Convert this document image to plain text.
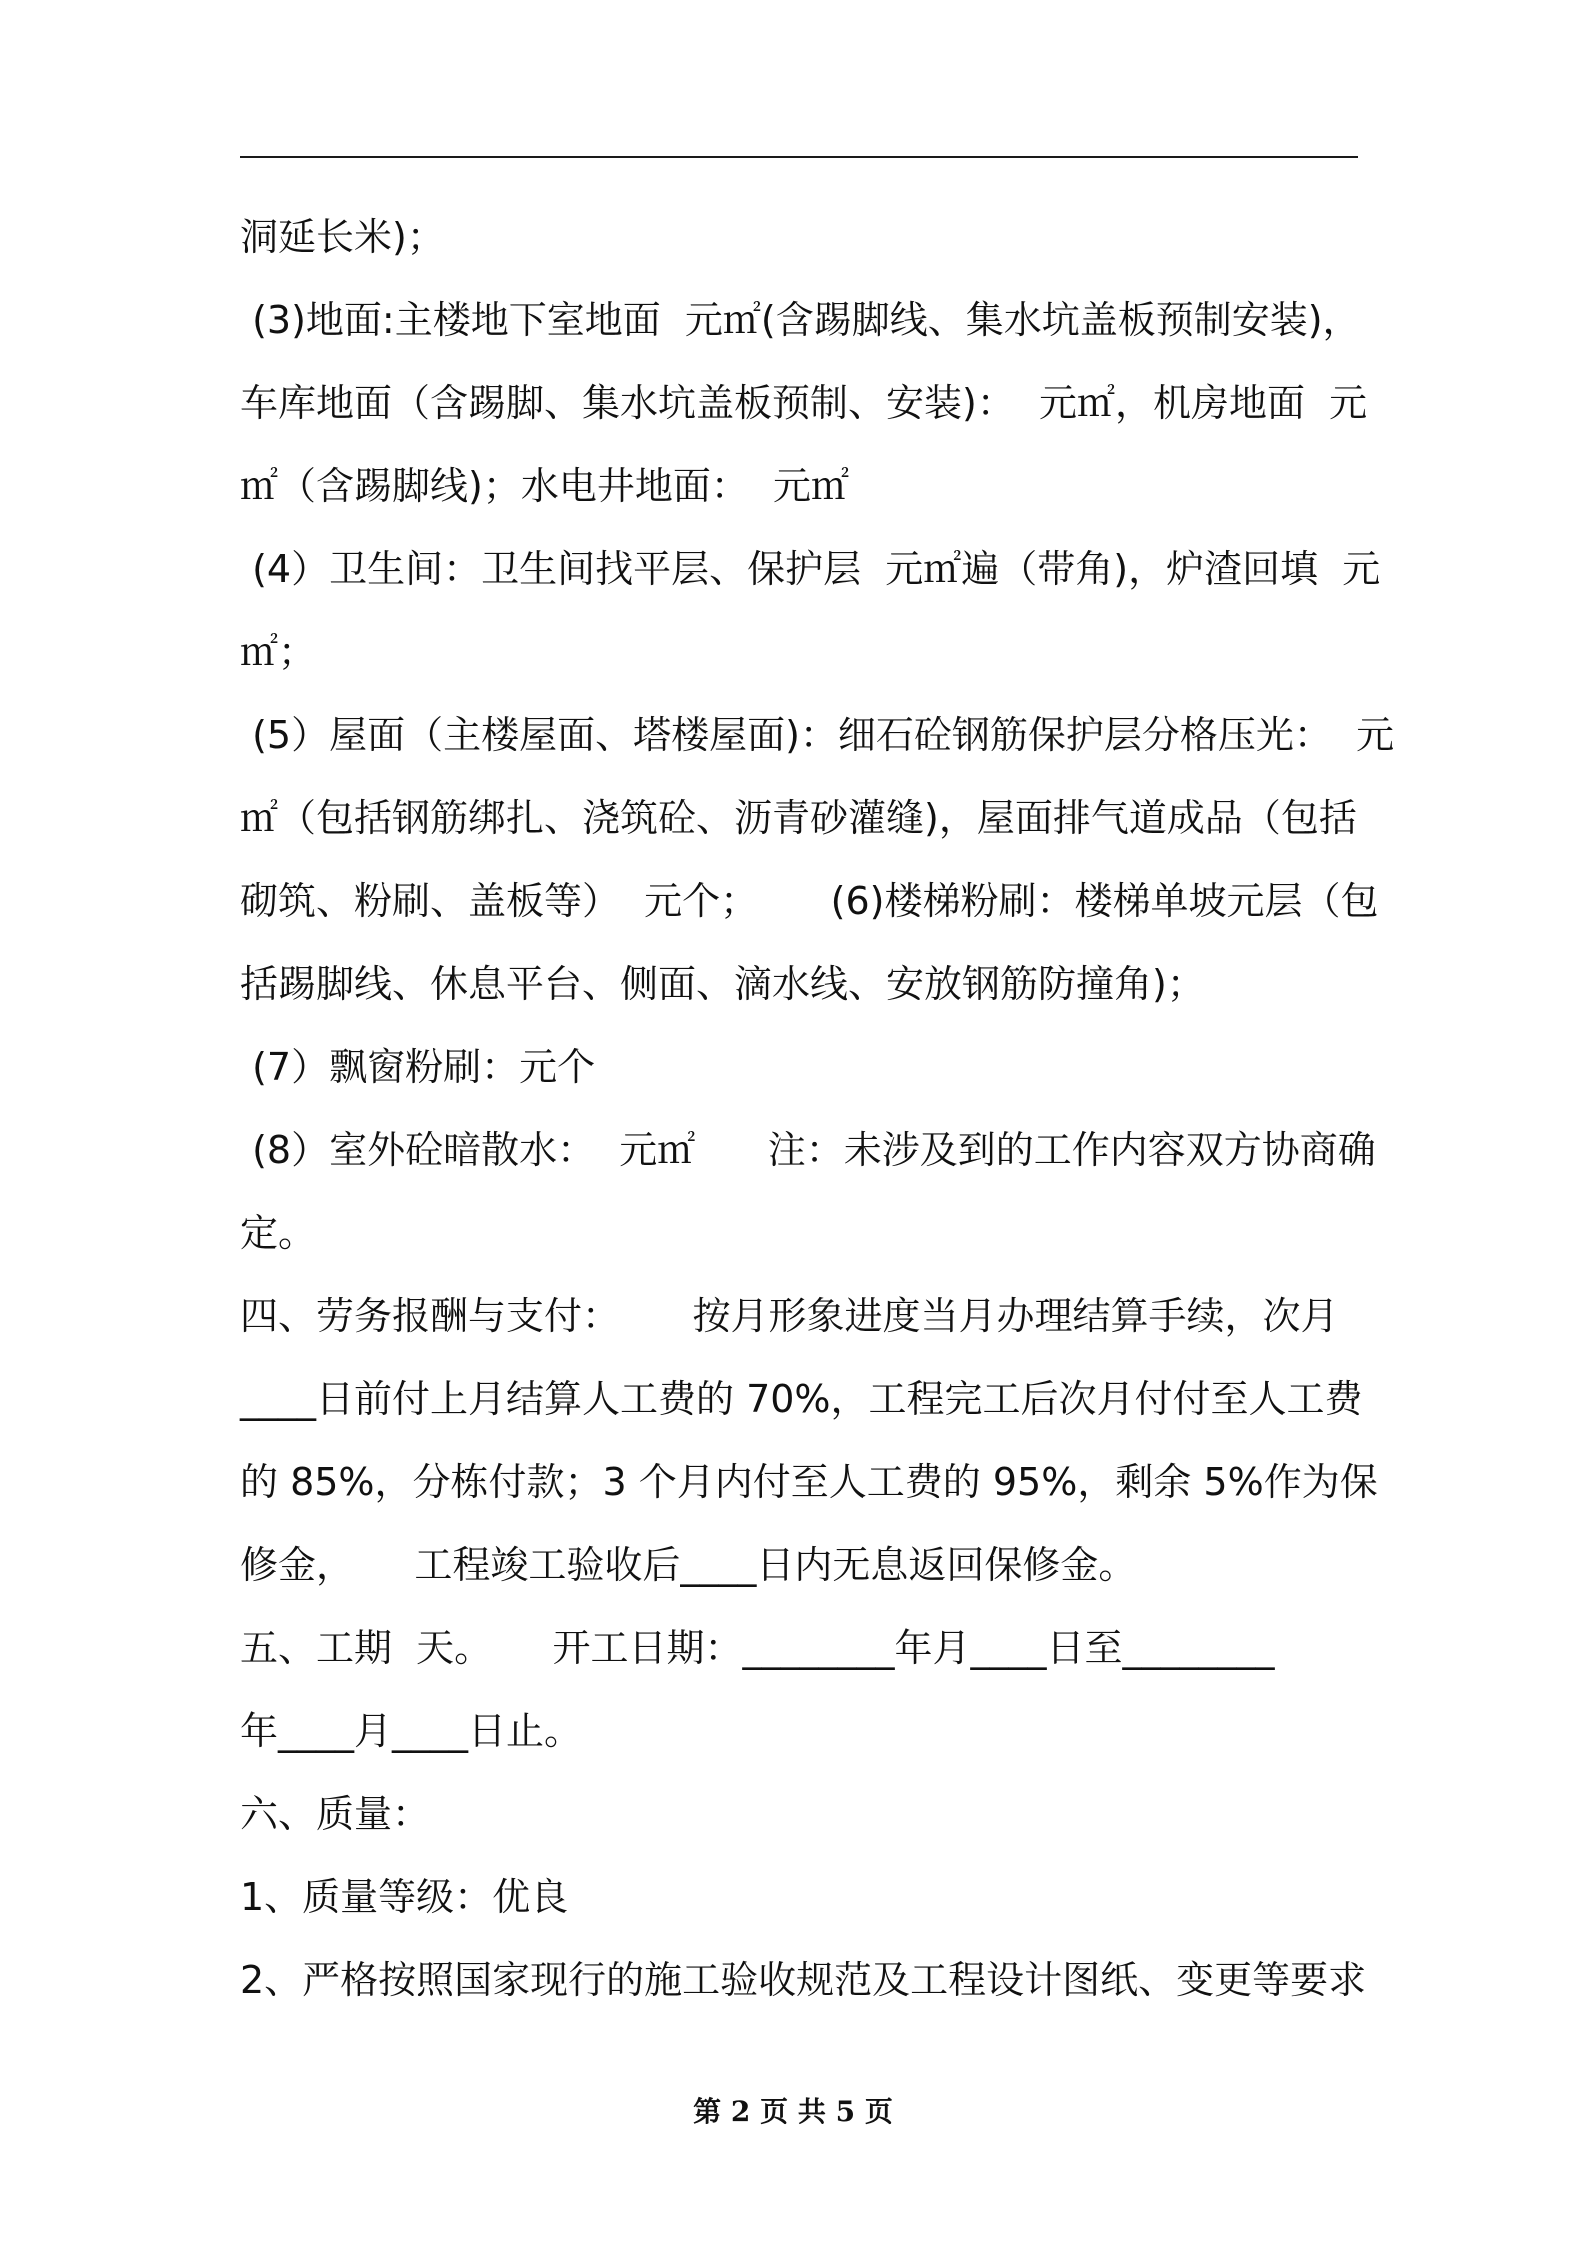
洞延长米)；
(3)地面:主楼地下室地面  元㎡(含踢脚线、集水坑盖板预制安装)，
车库地面（含踢脚、集水坑盖板预制、安装)：  元㎡，机房地面  元
㎡（含踢脚线)；水电井地面：  元㎡
(4）卫生间：卫生间找平层、保护层  元㎡遍（带角)，炉渣回填  元
㎡；
(5）屋面（主楼屋面、塔楼屋面)：细石砼钢筋保护层分格压光：  元
㎡（包括钢筋绑扎、浇筑砼、沥青砂灌缝)，屋面排气道成品（包括
砌筑、粉刷、盖板等）  元个；      (6)楼梯粉刷：楼梯单坡元层（包
括踢脚线、休息平台、侧面、滴水线、安放钢筋防撞角)；
(7）飘窗粉刷：元个
(8）室外砼暗散水：  元㎡      注：未涉及到的工作内容双方协商确
定。
四、劳务报酬与支付：      按月形象进度当月办理结算手续，次月
____日前付上月结算人工费的 70%，工程完工后次月付付至人工费
的 85%，分栋付款；3 个月内付至人工费的 95%，剩余 5%作为保
修金，     工程竣工验收后____日内无息返回保修金。
五、工期  天。     开工日期：________年月____日至________
年____月____日止。
六、质量：
1、质量等级：优良
2、严格按照国家现行的施工验收规范及工程设计图纸、变更等要求
第 2 页 共 5 页
